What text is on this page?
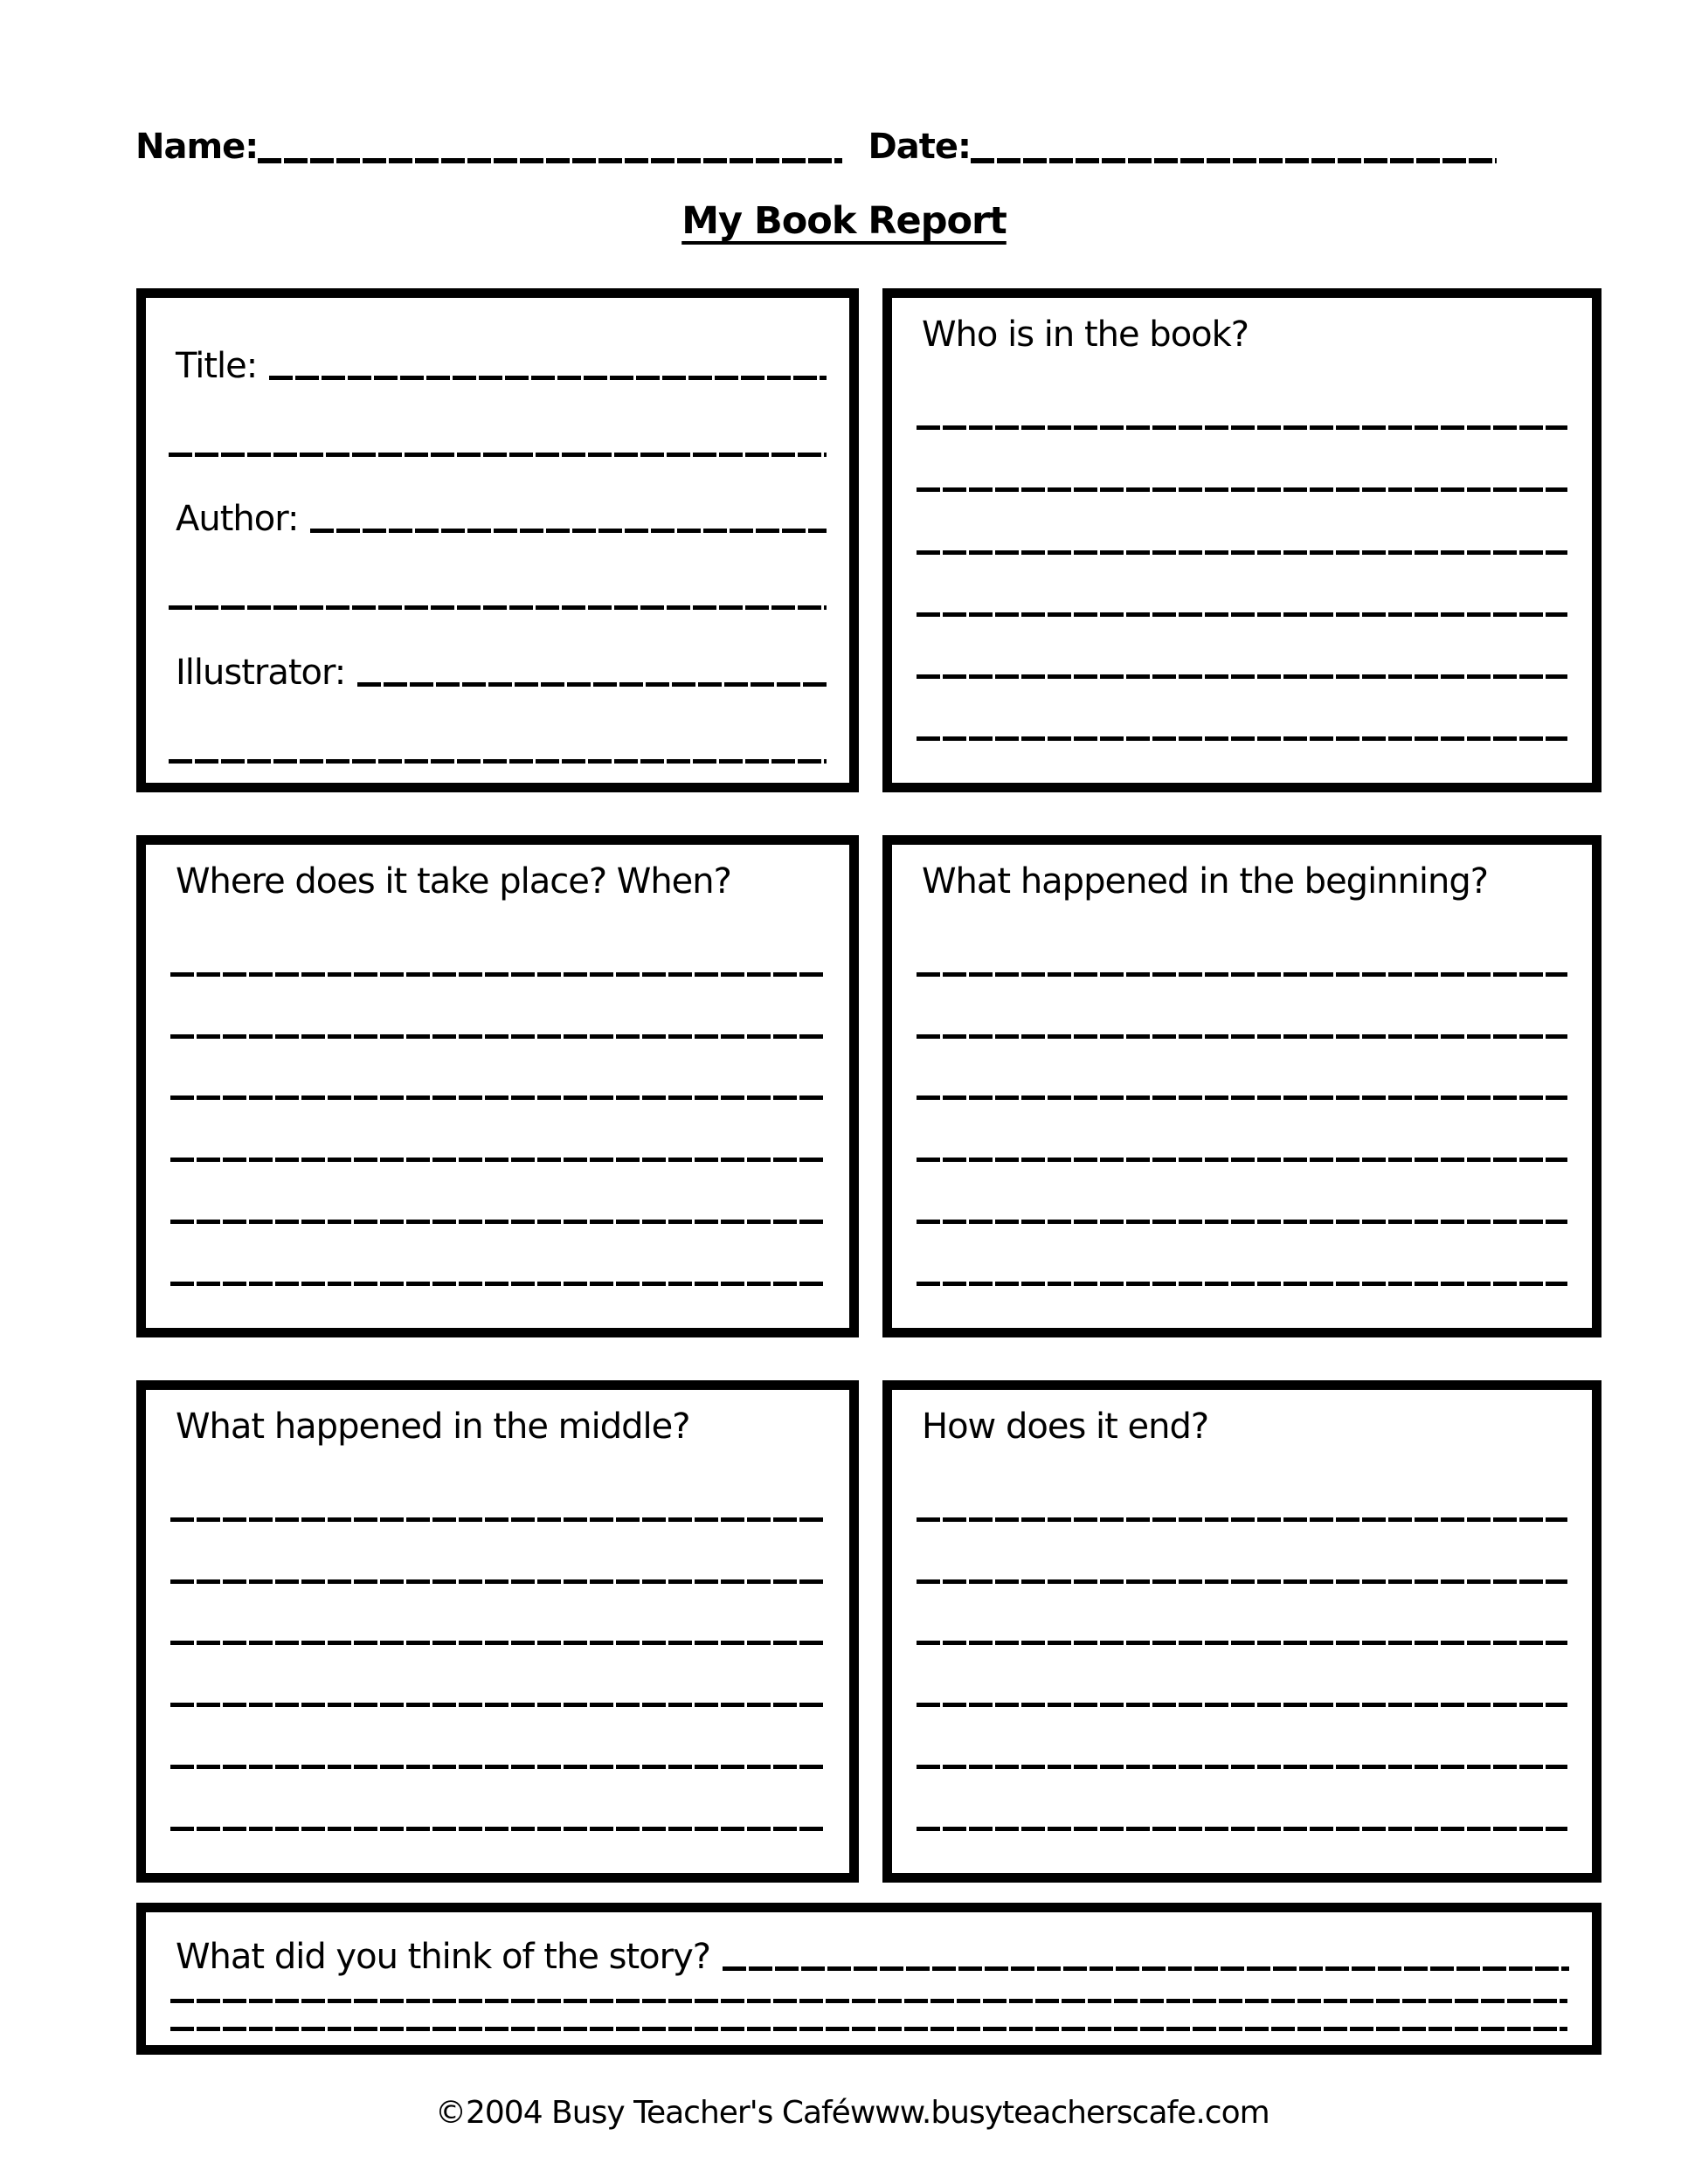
Name:	Date:
My Book Report
Title:
Author:
Illustrator:
Who is in the book?
Where does it take place? When?	What happened in the beginning?
What happened in the middle?	How does it end?
What did you think of the story?
©2004 Busy Teacher's Café www.busyteacherscafe.com
